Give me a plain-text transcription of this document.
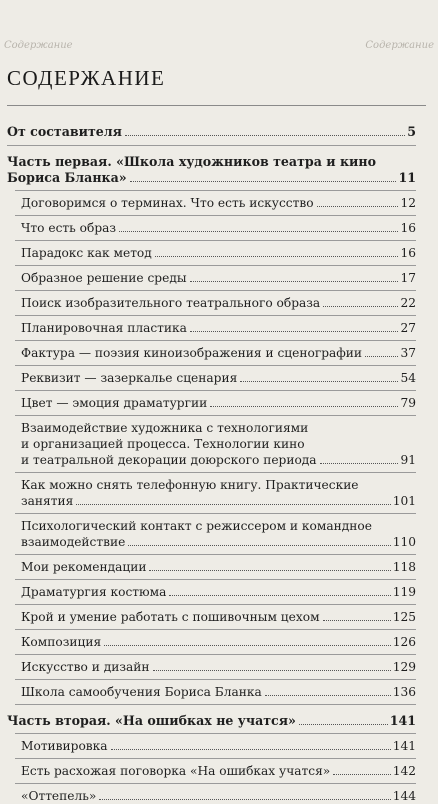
Содержание	Содержание
СОДЕРЖАНИЕ
От составителя	5
Часть первая. «Школа художников театра и кино
Бориса Бланка»	11
Договоримся о терминах. Что есть искусство	12
Что есть образ	16
Парадокс как метод	16
Образное решение среды	17
Поиск изобразительного театрального образа	22
Планировочная пластика	27
Фактура — поэзия киноизображения и сценографии	37
Реквизит — зазеркалье сценария	54
Цвет — эмоция драматургии	79
Взаимодействие художника с технологиями
и организацией процесса. Технологии кино
и театральной декорации доюрского периода	91
Как можно снять телефонную книгу. Практические
занятия	101
Психологический контакт с режиссером и командное
взаимодействие	110
Мои рекомендации	118
Драматургия костюма	119
Крой и умение работать с пошивочным цехом	125
Композиция	126
Искусство и дизайн	129
Школа самообучения Бориса Бланка	136
Часть вторая. «На ошибках не учатся»	141
Мотивировка	141
Есть расхожая поговорка «На ошибках учатся»	142
«Оттепель»	144
